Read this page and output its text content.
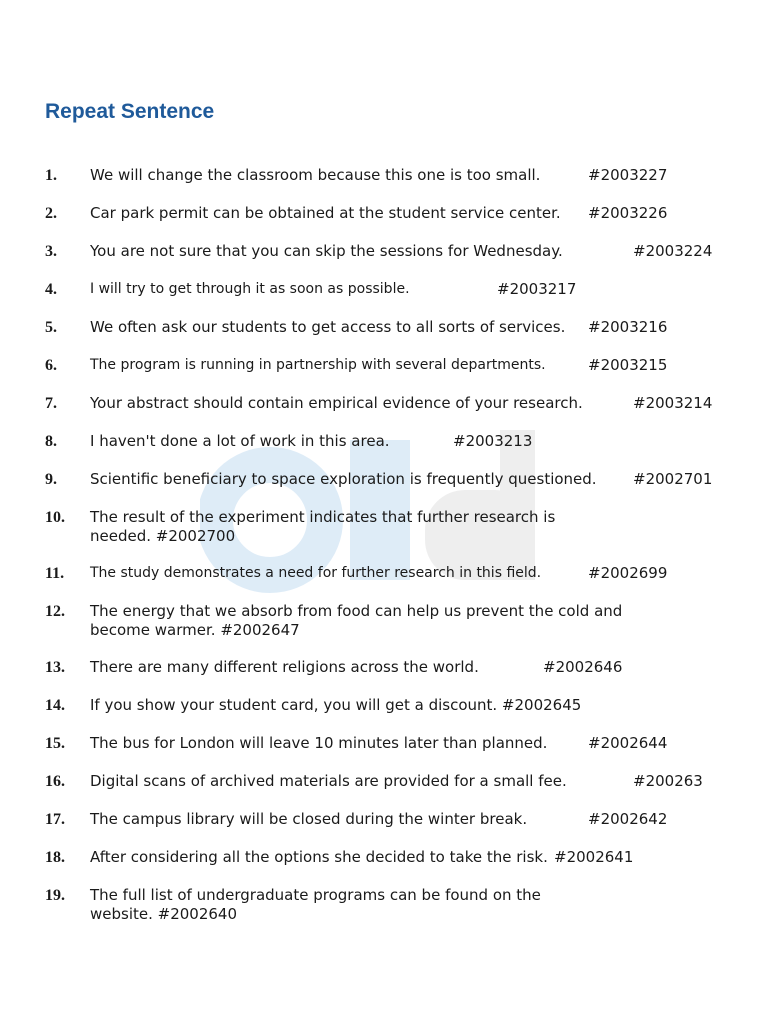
Repeat Sentence
1.	We will change the classroom because this one is too small.	#2003227
2.	Car park permit can be obtained at the student service center.	#2003226
3.	You are not sure that you can skip the sessions for Wednesday.	#2003224
4.	I will try to get through it as soon as possible.	#2003217
5.	We often ask our students to get access to all sorts of services.	#2003216
6.	The program is running in partnership with several departments.	#2003215
7.	Your abstract should contain empirical evidence of your research.	#2003214
8.	I haven't done a lot of work in this area.	#2003213
9.	Scientific beneficiary to space exploration is frequently questioned.	#2002701
10.	The result of the experiment indicates that further research is needed. #2002700
11.	The study demonstrates a need for further research in this field.	#2002699
12.	The energy that we absorb from food can help us prevent the cold and become warmer. #2002647
13.	There are many different religions across the world.	#2002646
14.	If you show your student card, you will get a discount. #2002645
15.	The bus for London will leave 10 minutes later than planned.	#2002644
16.	Digital scans of archived materials are provided for a small fee.	#200263
17.	The campus library will be closed during the winter break.	#2002642
18.	After considering all the options she decided to take the risk. #2002641
19.	The full list of undergraduate programs can be found on the website. #2002640
